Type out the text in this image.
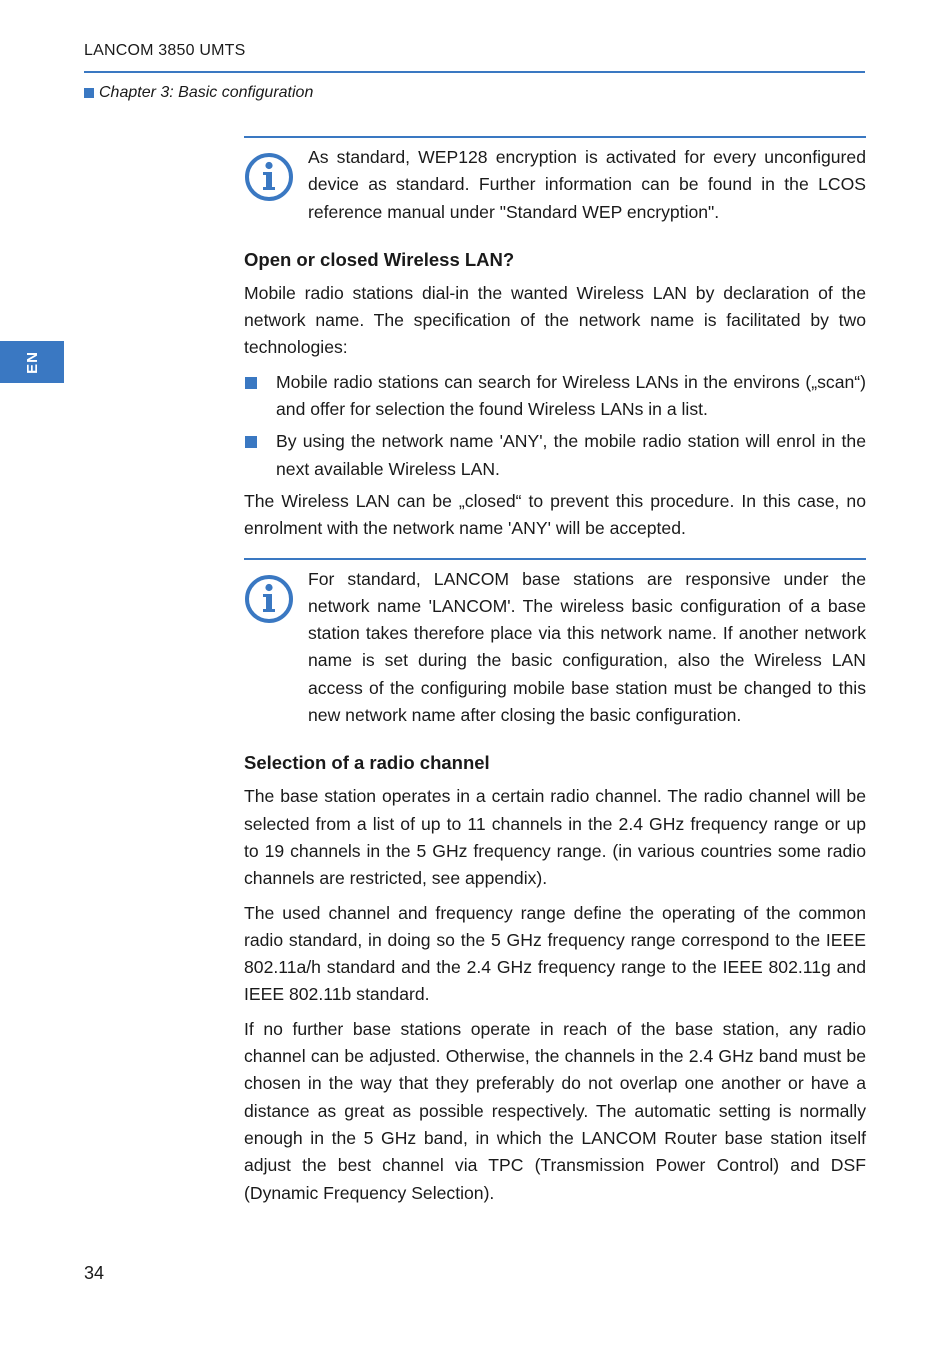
LANCOM 3850 UMTS
Chapter 3: Basic configuration
EN

As standard, WEP128 encryption is activated for every unconfigured device as standard. Further information can be found in the LCOS reference manual under "Standard WEP encryption".

Open or closed Wireless LAN?

Mobile radio stations dial-in the wanted Wireless LAN by declaration of the network name. The specification of the network name is facilitated by two technologies:

Mobile radio stations can search for Wireless LANs in the environs („scan“) and offer for selection the found Wireless LANs in a list.

By using the network name 'ANY', the mobile radio station will enrol in the next available Wireless LAN.

The Wireless LAN can be „closed“ to prevent this procedure. In this case, no enrolment with the network name 'ANY' will be accepted.

For standard, LANCOM base stations are responsive under the network name 'LANCOM'. The wireless basic configuration of a base station takes therefore place via this network name. If another network name is set during the basic configuration, also the Wireless LAN access of the configuring mobile base station must be changed to this new network name after closing the basic configuration.

Selection of a radio channel

The base station operates in a certain radio channel. The radio channel will be selected from a list of up to 11 channels in the 2.4 GHz frequency range or up to 19 channels in the 5 GHz frequency range. (in various countries some radio channels are restricted, see appendix).

The used channel and frequency range define the operating of the common radio standard, in doing so the 5 GHz frequency range correspond to the IEEE 802.11a/h standard and the 2.4 GHz frequency range to the IEEE 802.11g and IEEE 802.11b standard.

If no further base stations operate in reach of the base station, any radio channel can be adjusted. Otherwise, the channels in the 2.4 GHz band must be chosen in the way that they preferably do not overlap one another or have a distance as great as possible respectively. The automatic setting is normally enough in the 5 GHz band, in which the LANCOM Router base station itself adjust the best channel via TPC (Transmission Power Control) and DSF (Dynamic Frequency Selection).

34
